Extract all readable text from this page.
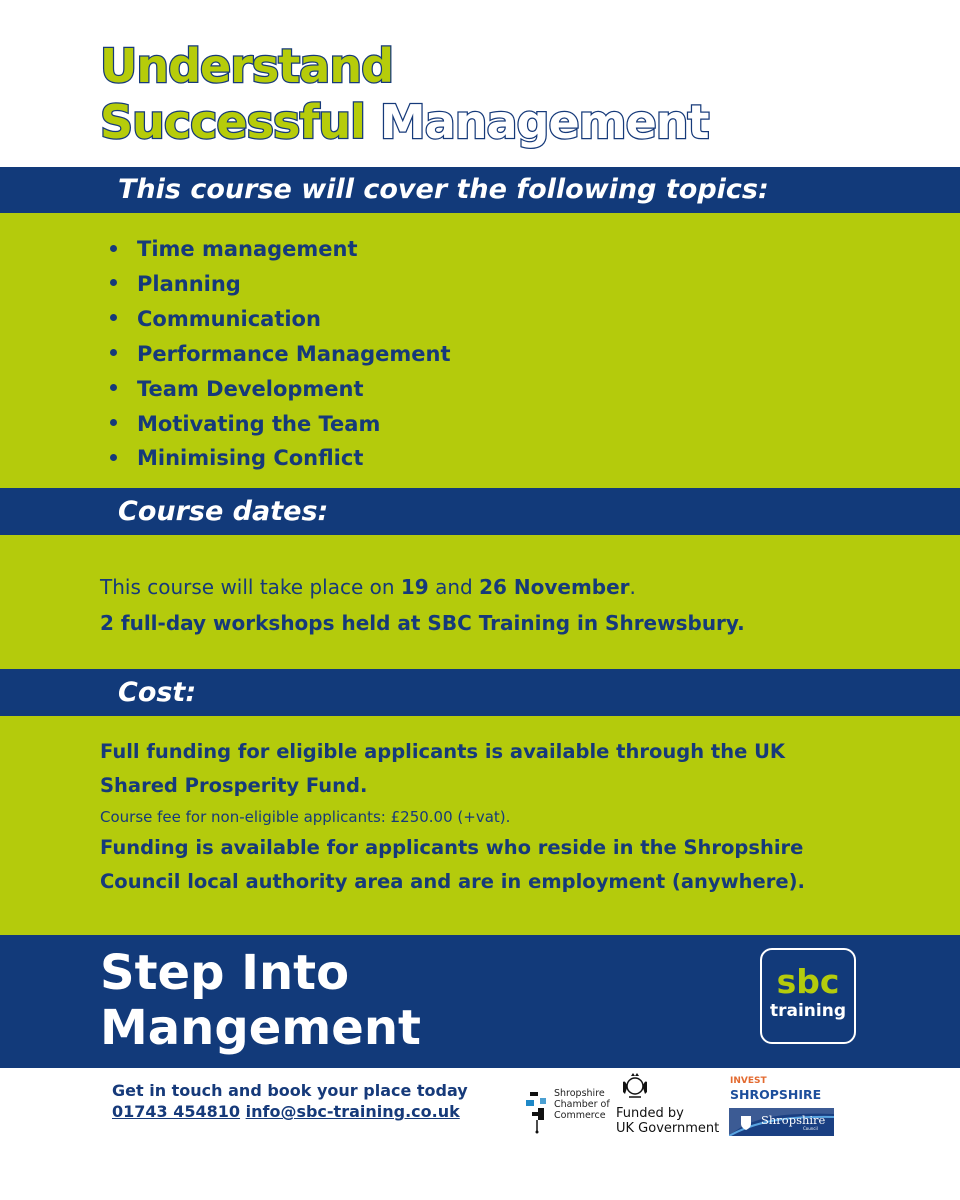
Understand
Successful Management
This course will cover the following topics:
Time management
Planning
Communication
Performance Management
Team Development
Motivating the Team
Minimising Conflict
Course dates:
This course will take place on 19 and 26 November.
2 full-day workshops held at SBC Training in Shrewsbury.
Cost:
Full funding for eligible applicants is available through the UK
Shared Prosperity Fund.
Course fee for non-eligible applicants: £250.00 (+vat).
Funding is available for applicants who reside in the Shropshire
Council local authority area and are in employment (anywhere).
Step Into
Mangement
sbc
training
Get in touch and book your place today
01743 454810 info@sbc-training.co.uk
Shropshire
Chamber of
Commerce Funded by
UK Government
INVEST
SHROPSHIRE
Shropshire
Council
